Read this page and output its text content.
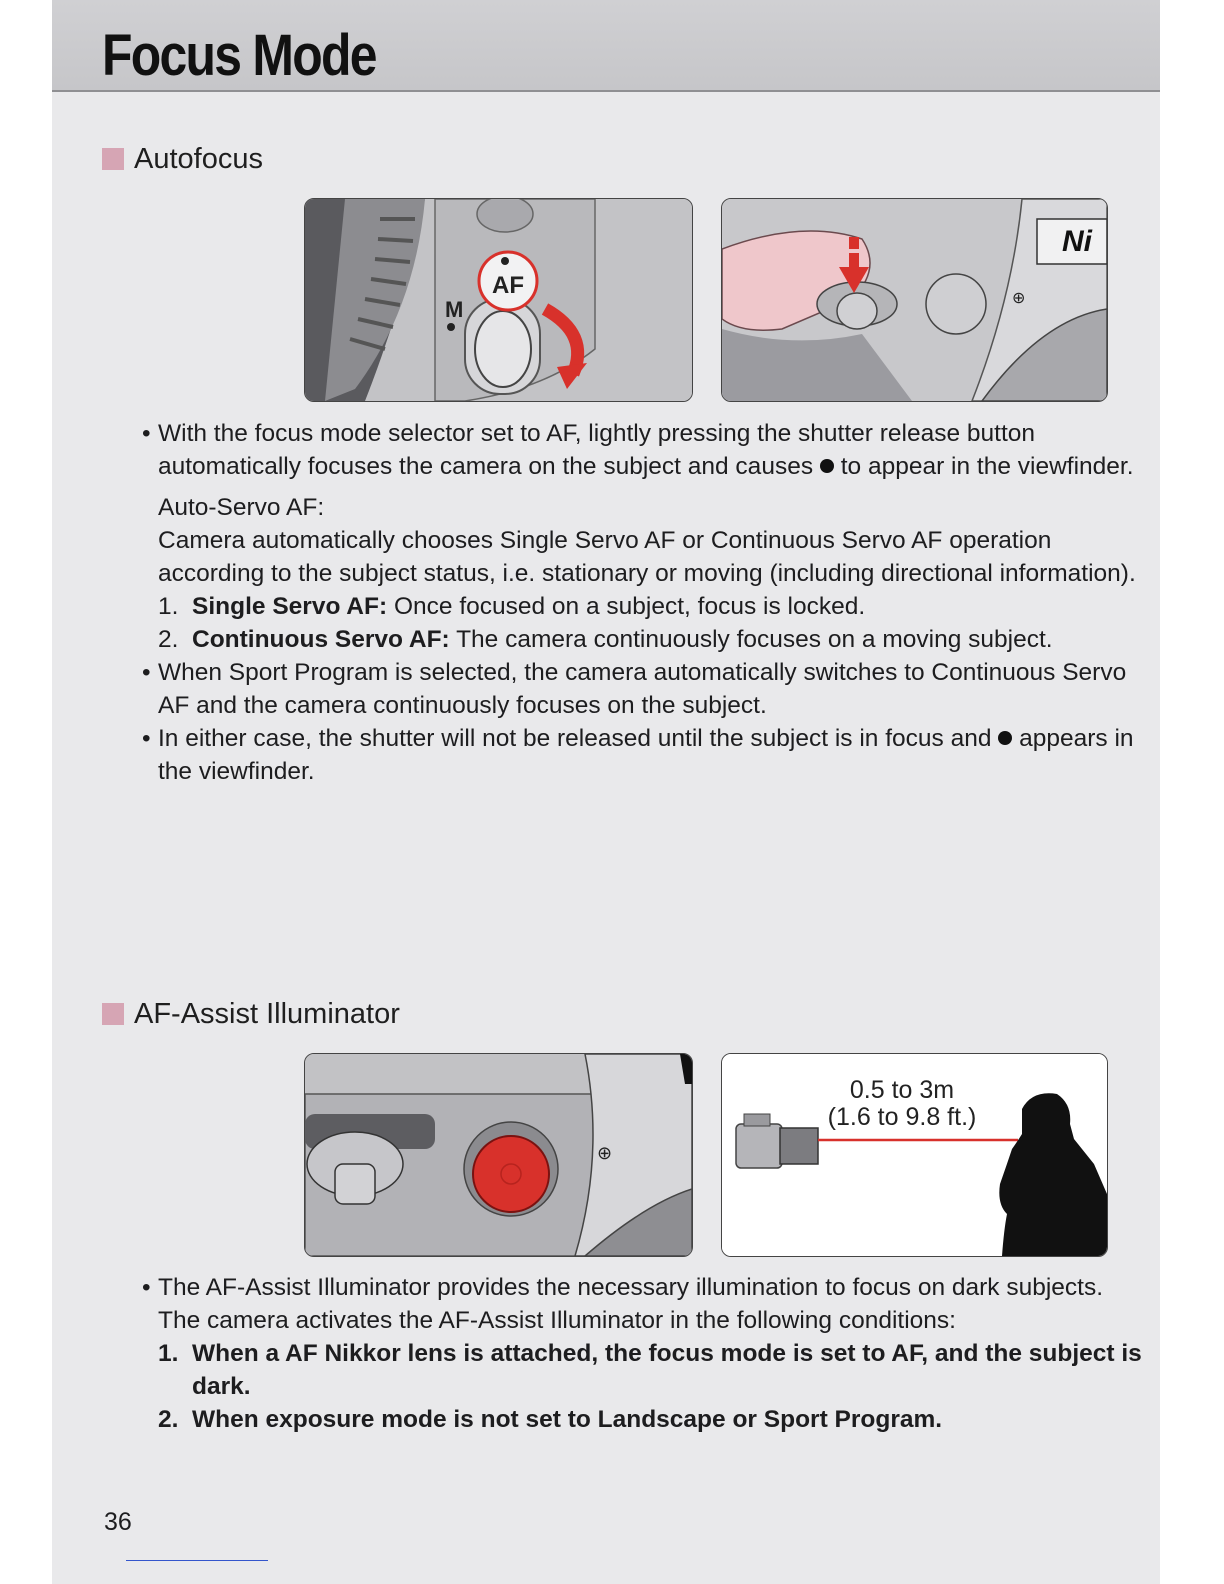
Focus Mode
Autofocus
AF
M
Ni
⊕
• With the focus mode selector set to AF, lightly pressing the shutter release button automatically focuses the camera on the subject and causes to appear in the viewfinder.
Auto-Servo AF:
Camera automatically chooses Single Servo AF or Continuous Servo AF operation according to the subject status, i.e. stationary or moving (including directional information).
1. Single Servo AF: Once focused on a subject, focus is locked.
2. Continuous Servo AF: The camera continuously focuses on a moving subject.
• When Sport Program is selected, the camera automatically switches to Continuous Servo AF and the camera continuously focuses on the subject.
• In either case, the shutter will not be released until the subject is in focus and appears in the viewfinder.
AF-Assist Illuminator
⊕
0.5 to 3m
(1.6 to 9.8 ft.)
• The AF-Assist Illuminator provides the necessary illumination to focus on dark subjects. The camera activates the AF-Assist Illuminator in the following conditions:
1. When a AF Nikkor lens is attached, the focus mode is set to AF, and the subject is dark.
2. When exposure mode is not set to Landscape or Sport Program.
36
